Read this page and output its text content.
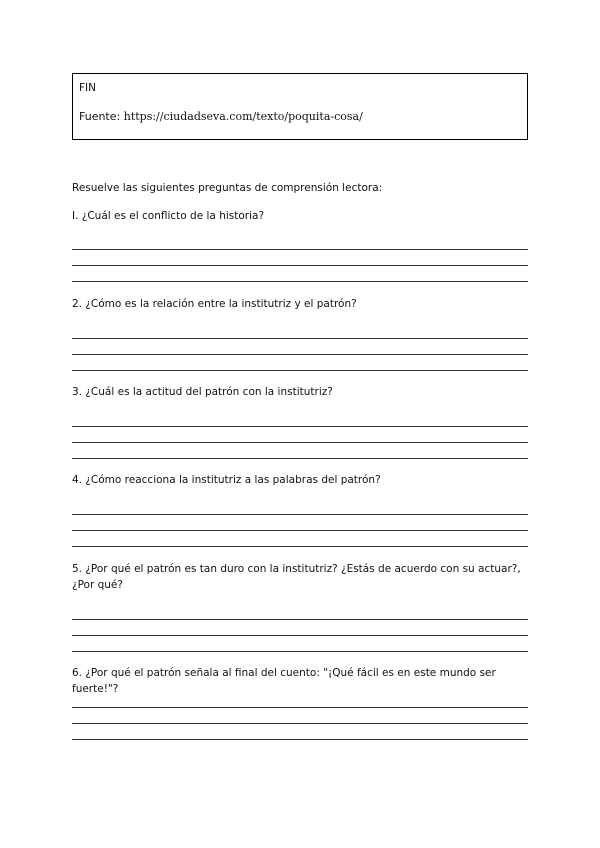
FIN
Fuente: https://ciudadseva.com/texto/poquita-cosa/
Resuelve las siguientes preguntas de comprensión lectora:
I. ¿Cuál es el conflicto de la historia?
2. ¿Cómo es la relación entre la institutriz y el patrón?
3. ¿Cuál es la actitud del patrón con la institutriz?
4. ¿Cómo reacciona la institutriz a las palabras del patrón?
5. ¿Por qué el patrón es tan duro con la institutriz? ¿Estás de acuerdo con su actuar?, ¿Por qué?
6. ¿Por qué el patrón señala al final del cuento: "¡Qué fácil es en este mundo ser fuerte!"?
